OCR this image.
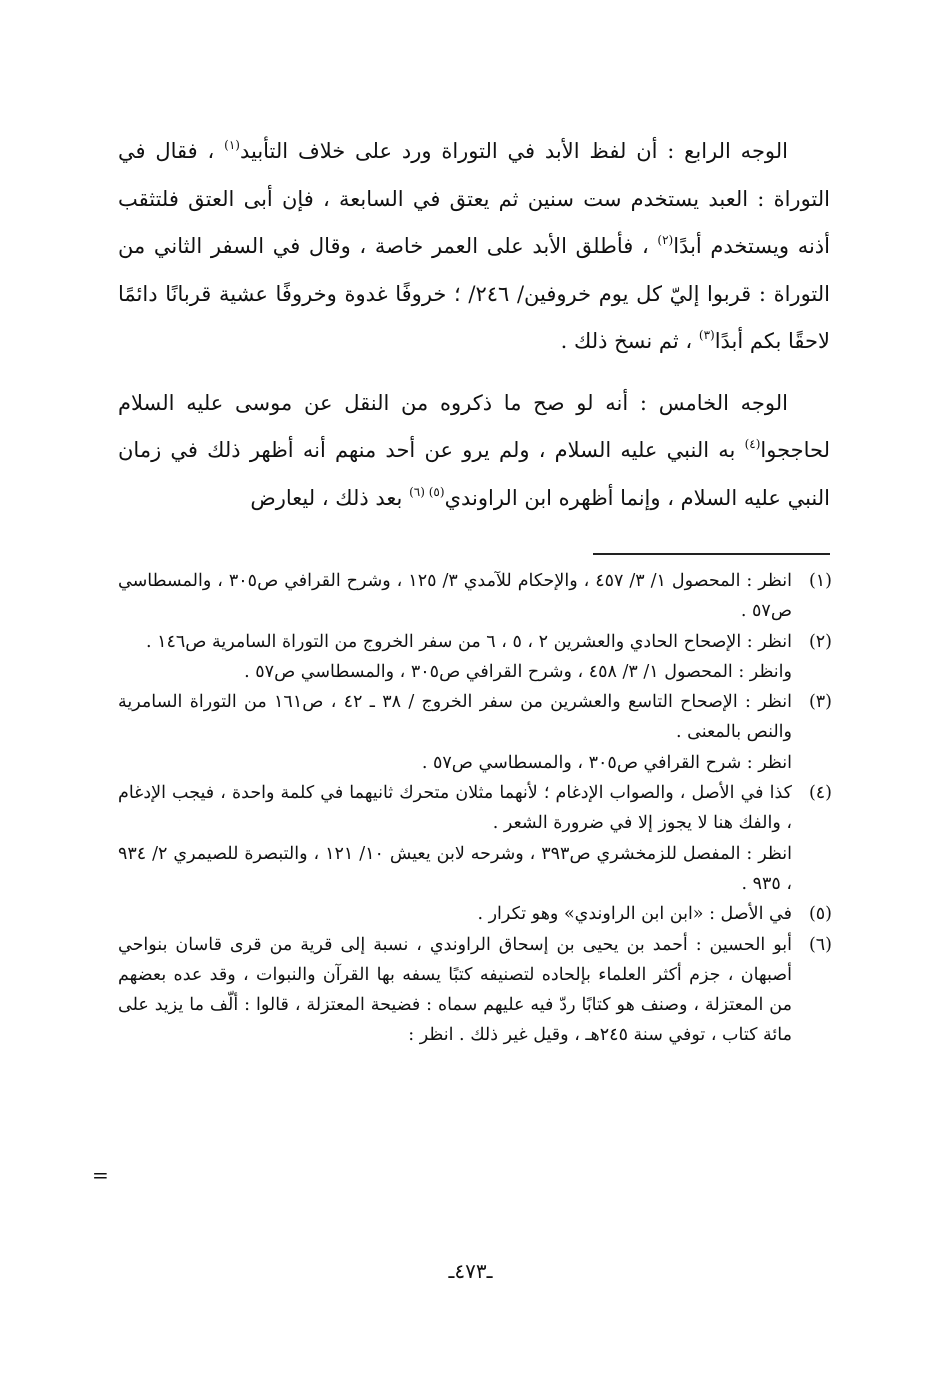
الوجه الرابع : أن لفظ الأبد في التوراة ورد على خلاف التأبيد$^{(١)}$ ، فقال في التوراة : العبد يستخدم ست سنين ثم يعتق في السابعة ، فإن أبى العتق فلتثقب أذنه ويستخدم أبدًا$^{(٢)}$ ، فأطلق الأبد على العمر خاصة ، وقال في السفر الثاني من التوراة : قربوا إليّ كل يوم خروفين/ ٢٤٦/ ؛ خروفًا غدوة وخروفًا عشية قربانًا دائمًا لاحقًا بكم أبدًا$^{(٣)}$ ، ثم نسخ ذلك .

الوجه الخامس : أنه لو صح ما ذكروه من النقل عن موسى عليه السلام لحاججوا$^{(٤)}$ به النبي عليه السلام ، ولم يرو عن أحد منهم أنه أظهر ذلك في زمان النبي عليه السلام ، وإنما أظهره ابن الراوندي$^{(٥) (٦)}$ بعد ذلك ، ليعارض

(١)

انظر : المحصول ١/ ٣/ ٤٥٧ ، والإحكام للآمدي ٣/ ١٢٥ ، وشرح القرافي ص٣٠٥ ، والمسطاسي ص٥٧ .

(٢)

انظر : الإصحاح الحادي والعشرين ٢ ، ٥ ، ٦ من سفر الخروج من التوراة السامرية ص١٤٦ .

وانظر : المحصول ١/ ٣/ ٤٥٨ ، وشرح القرافي ص٣٠٥ ، والمسطاسي ص٥٧ .

(٣)

انظر : الإصحاح التاسع والعشرين من سفر الخروج / ٣٨ ـ ٤٢ ، ص١٦١ من التوراة السامرية والنص بالمعنى .

انظر : شرح القرافي ص٣٠٥ ، والمسطاسي ص٥٧ .

(٤)

كذا في الأصل ، والصواب الإدغام ؛ لأنهما مثلان متحرك ثانيهما في كلمة واحدة ، فيجب الإدغام ، والفك هنا لا يجوز إلا في ضرورة الشعر .

انظر : المفصل للزمخشري ص٣٩٣ ، وشرحه لابن يعيش ١٠/ ١٢١ ، والتبصرة للصيمري ٢/ ٩٣٤ ، ٩٣٥ .

(٥)

في الأصل : «ابن ابن الراوندي» وهو تكرار .

(٦)

أبو الحسين : أحمد بن يحيى بن إسحاق الراوندي ، نسبة إلى قرية من قرى قاسان بنواحي أصبهان ، جزم أكثر العلماء بإلحاده لتصنيفه كتبًا يسفه بها القرآن والنبوات ، وقد عده بعضهم من المعتزلة ، وصنف هو كتابًا ردّ فيه عليهم سماه : فضيحة المعتزلة ، قالوا : ألّف ما يزيد على مائة كتاب ، توفي سنة ٢٤٥هـ ، وقيل غير ذلك . انظر :

=
ـ٤٧٣ـ
